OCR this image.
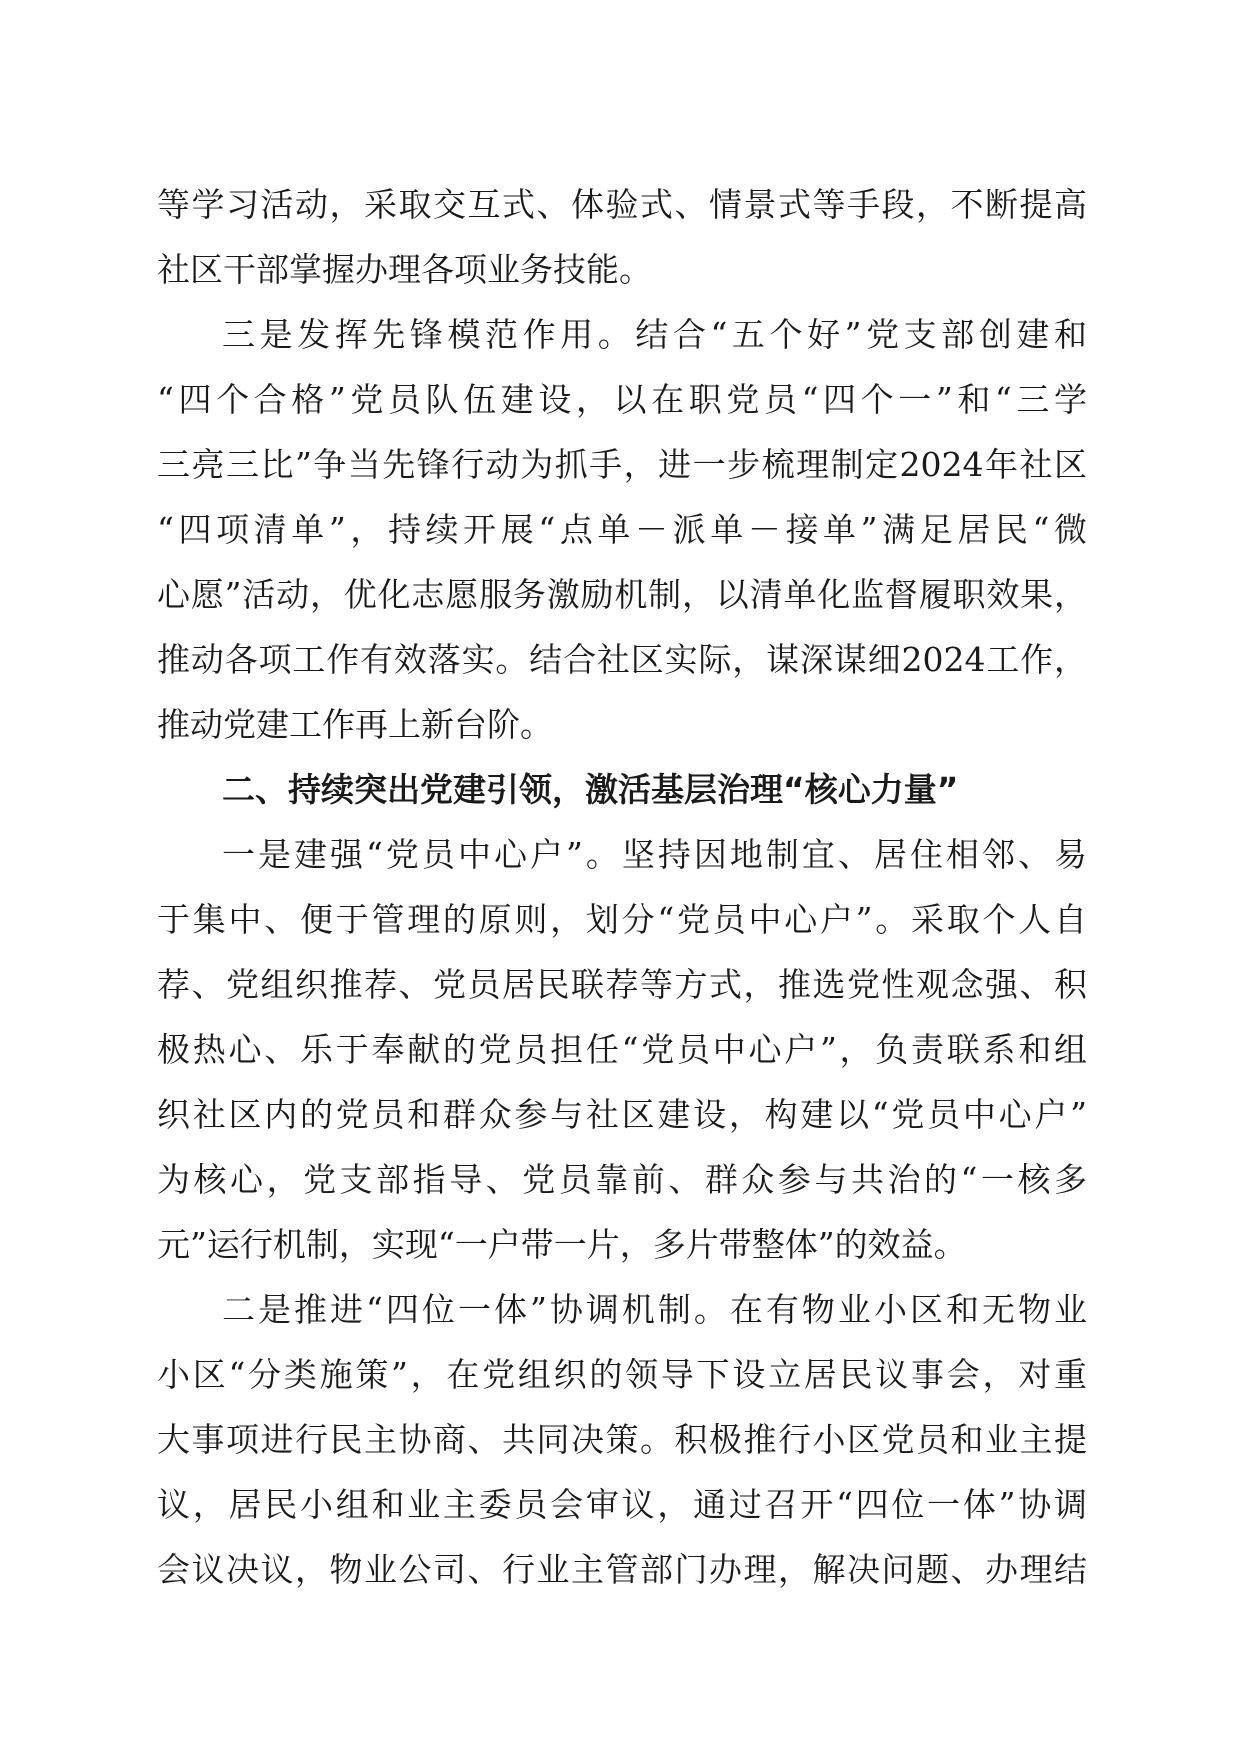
等学习活动，采取交互式、体验式、情景式等手段，不断提高
社区干部掌握办理各项业务技能。
三是发挥先锋模范作用。结合“五个好”党支部创建和
“四个合格”党员队伍建设，以在职党员“四个一”和“三学
三亮三比”争当先锋行动为抓手，进一步梳理制定2024年社区
“四项清单”，持续开展“点单－派单－接单”满足居民“微
心愿”活动，优化志愿服务激励机制，以清单化监督履职效果，
推动各项工作有效落实。结合社区实际，谋深谋细2024工作，
推动党建工作再上新台阶。
二、持续突出党建引领，激活基层治理“核心力量”
一是建强“党员中心户”。坚持因地制宜、居住相邻、易
于集中、便于管理的原则，划分“党员中心户”。采取个人自
荐、党组织推荐、党员居民联荐等方式，推选党性观念强、积
极热心、乐于奉献的党员担任“党员中心户”，负责联系和组
织社区内的党员和群众参与社区建设，构建以“党员中心户”
为核心，党支部指导、党员靠前、群众参与共治的“一核多
元”运行机制，实现“一户带一片，多片带整体”的效益。
二是推进“四位一体”协调机制。在有物业小区和无物业
小区“分类施策”，在党组织的领导下设立居民议事会，对重
大事项进行民主协商、共同决策。积极推行小区党员和业主提
议，居民小组和业主委员会审议，通过召开“四位一体”协调
会议决议，物业公司、行业主管部门办理，解决问题、办理结
